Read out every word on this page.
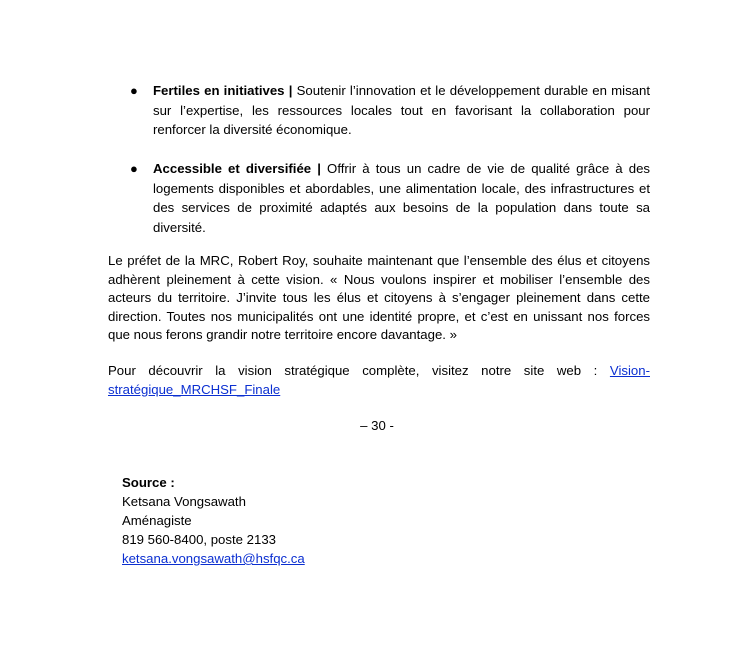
●	Fertiles en initiatives | Soutenir l’innovation et le développement durable en misant sur l’expertise, les ressources locales tout en favorisant la collaboration pour renforcer la diversité économique.
●	Accessible et diversifiée | Offrir à tous un cadre de vie de qualité grâce à des logements disponibles et abordables, une alimentation locale, des infrastructures et des services de proximité adaptés aux besoins de la population dans toute sa diversité.

Le préfet de la MRC, Robert Roy, souhaite maintenant que l’ensemble des élus et citoyens adhèrent pleinement à cette vision. « Nous voulons inspirer et mobiliser l’ensemble des acteurs du territoire. J’invite tous les élus et citoyens à s’engager pleinement dans cette direction. Toutes nos municipalités ont une identité propre, et c’est en unissant nos forces que nous ferons grandir notre territoire encore davantage. »

Pour découvrir la vision stratégique complète, visitez notre site web : Vision-stratégique_MRCHSF_Finale

– 30 -
Source :
Ketsana Vongsawath
Aménagiste
819 560-8400, poste 2133
ketsana.vongsawath@hsfqc.ca
